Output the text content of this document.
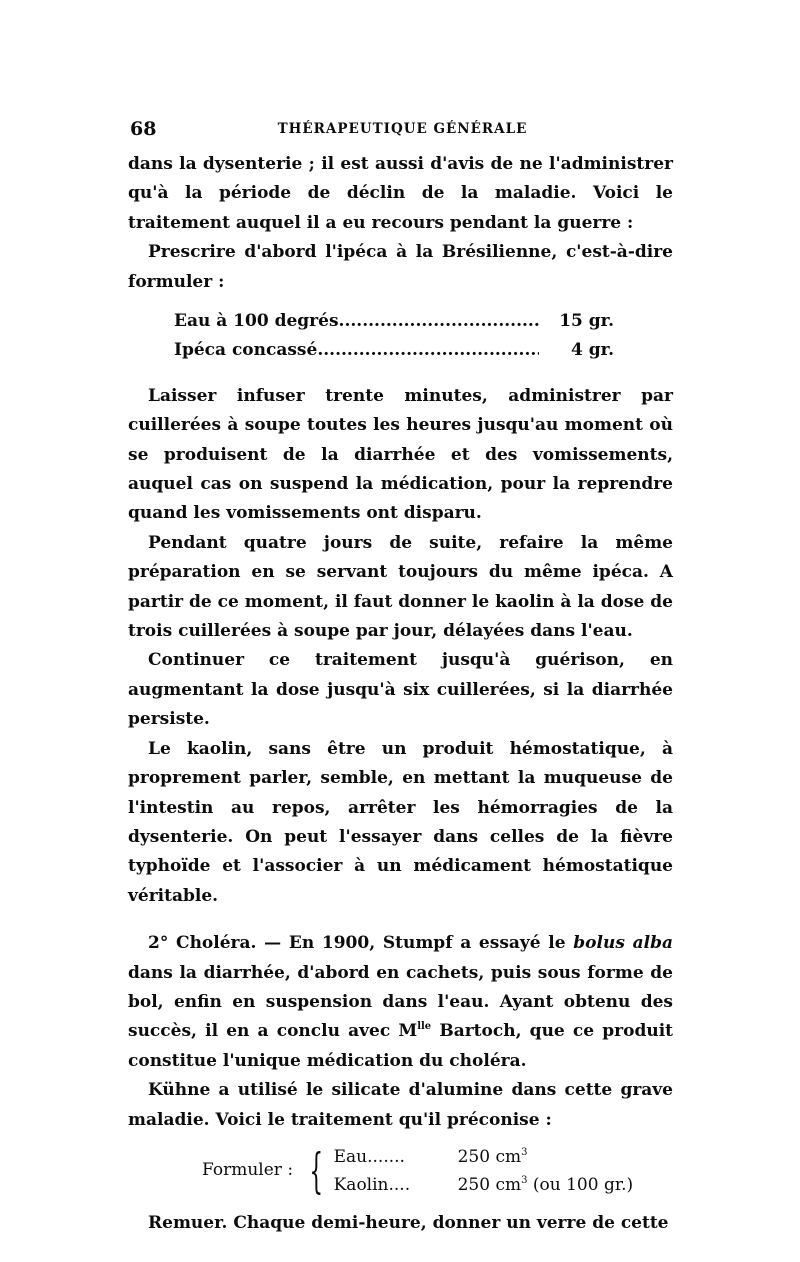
68	THÉRAPEUTIQUE GÉNÉRALE

dans la dysenterie ; il est aussi d'avis de ne l'administrer qu'à la période de déclin de la maladie. Voici le traitement auquel il a eu recours pendant la guerre :

Prescrire d'abord l'ipéca à la Brésilienne, c'est-à-dire formuler :

Eau à 100 degrés .....	15 gr.
Ipéca concassé .....	4 gr.

Laisser infuser trente minutes, administrer par cuillerées à soupe toutes les heures jusqu'au moment où se produisent de la diarrhée et des vomissements, auquel cas on suspend la médication, pour la reprendre quand les vomissements ont disparu.

Pendant quatre jours de suite, refaire la même préparation en se servant toujours du même ipéca. A partir de ce moment, il faut donner le kaolin à la dose de trois cuillerées à soupe par jour, délayées dans l'eau.

Continuer ce traitement jusqu'à guérison, en augmentant la dose jusqu'à six cuillerées, si la diarrhée persiste.

Le kaolin, sans être un produit hémostatique, à proprement parler, semble, en mettant la muqueuse de l'intestin au repos, arrêter les hémorragies de la dysenterie. On peut l'essayer dans celles de la fièvre typhoïde et l'associer à un médicament hémostatique véritable.

2° Choléra. — En 1900, Stumpf a essayé le bolus alba dans la diarrhée, d'abord en cachets, puis sous forme de bol, enfin en suspension dans l'eau. Ayant obtenu des succès, il en a conclu avec $M^{lle}$ Bartoch, que ce produit constitue l'unique médication du choléra.

Kühne a utilisé le silicate d'alumine dans cette grave maladie. Voici le traitement qu'il préconise :

Formuler : { Eau.......	250 $cm^3$
Kaolin....	250 $cm^3$ (ou 100 gr.)

Remuer. Chaque demi-heure, donner un verre de cette
